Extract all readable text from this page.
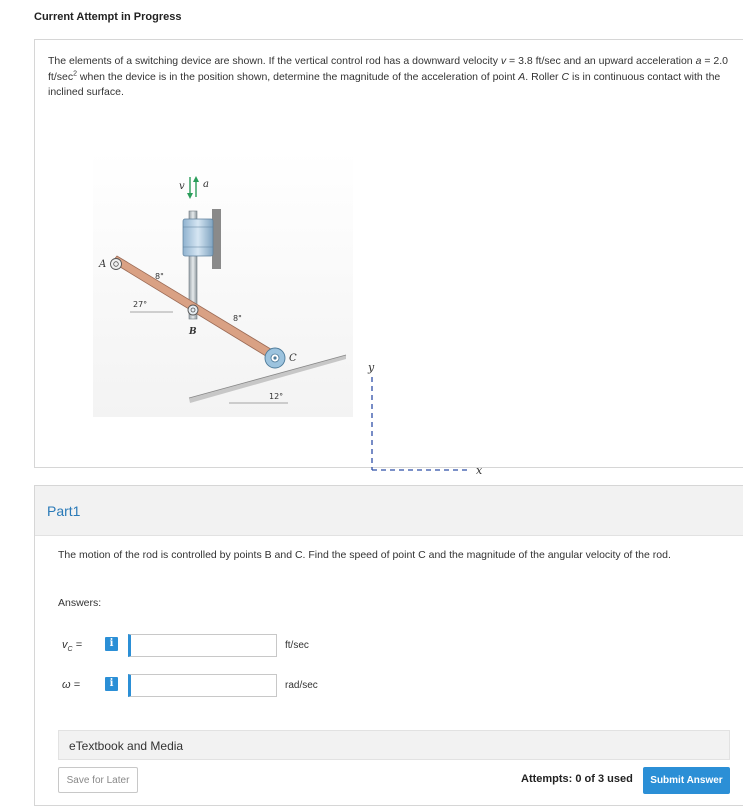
Current Attempt in Progress
The elements of a switching device are shown. If the vertical control rod has a downward velocity v = 3.8 ft/sec and an upward acceleration a = 2.0 $ft/\sec^2$ when the device is in the position shown, determine the magnitude of the acceleration of point A. Roller C is in continuous contact with the inclined surface.
v a
12°
A
B
C
8"
8"
27°
y
x
Part1
The motion of the rod is controlled by points B and C. Find the speed of point C and the magnitude of the angular velocity of the rod.
Answers:
$v_C$ =	i	ft/sec
ω =	i	rad/sec
eTextbook and Media
Save for Later	Attempts: 0 of 3 used	Submit Answer
